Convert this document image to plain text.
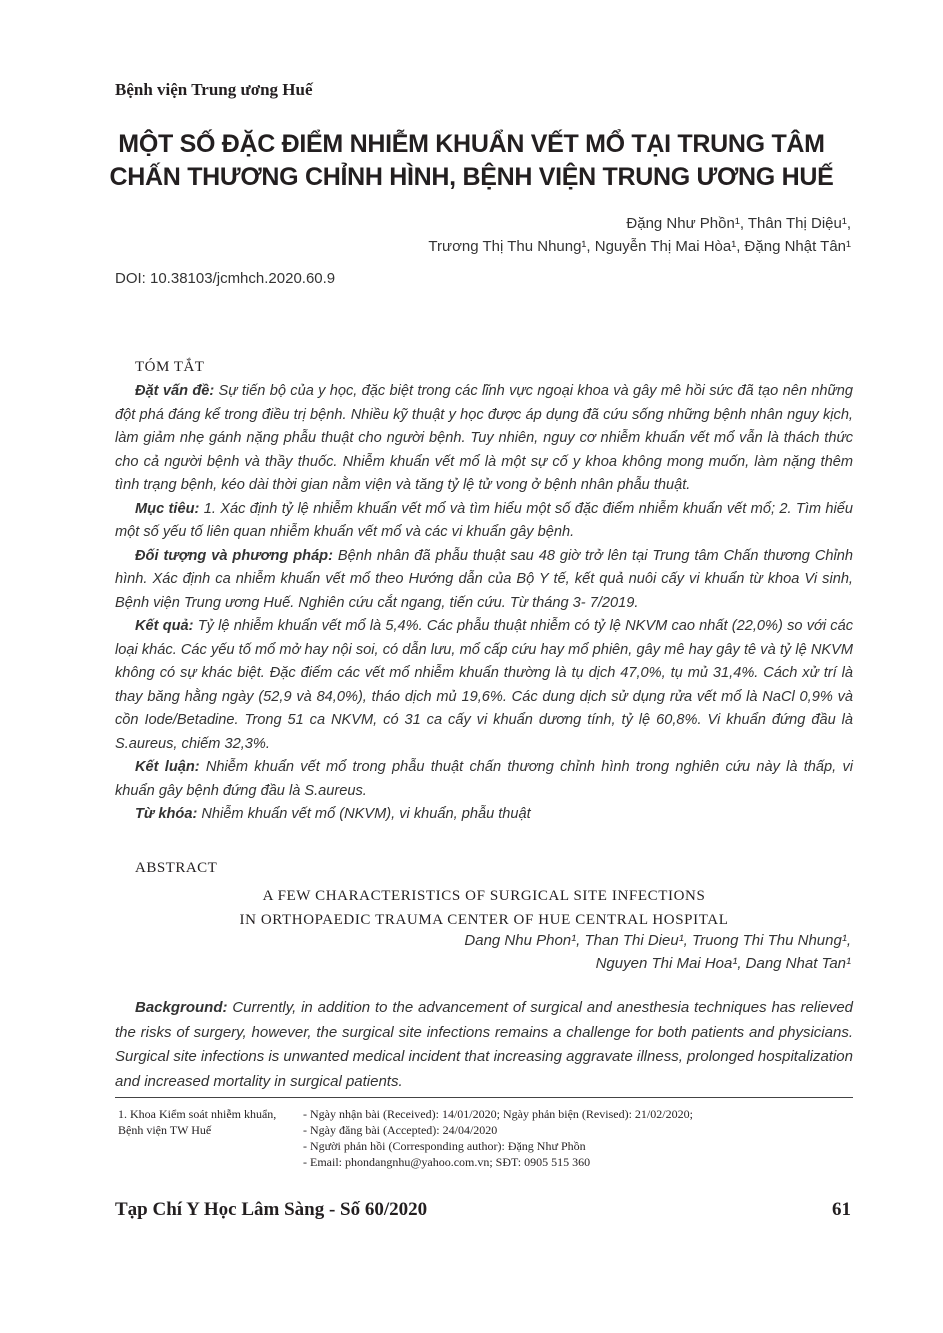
Bệnh viện Trung ương Huế
MỘT SỐ ĐẶC ĐIỂM NHIỄM KHUẨN VẾT MỔ TẠI TRUNG TÂM
CHẤN THƯƠNG CHỈNH HÌNH, BỆNH VIỆN TRUNG ƯƠNG HUẾ
Đặng Như Phồn¹, Thân Thị Diệu¹,
Trương Thị Thu Nhung¹, Nguyễn Thị Mai Hòa¹, Đặng Nhật Tân¹
DOI: 10.38103/jcmhch.2020.60.9
TÓM TẮT

Đặt vấn đề: Sự tiến bộ của y học, đặc biệt trong các lĩnh vực ngoại khoa và gây mê hồi sức đã tạo nên những đột phá đáng kể trong điều trị bệnh. Nhiều kỹ thuật y học được áp dụng đã cứu sống những bệnh nhân nguy kịch, làm giảm nhẹ gánh nặng phẫu thuật cho người bệnh. Tuy nhiên, nguy cơ nhiễm khuẩn vết mổ vẫn là thách thức cho cả người bệnh và thầy thuốc. Nhiễm khuẩn vết mổ là một sự cố y khoa không mong muốn, làm nặng thêm tình trạng bệnh, kéo dài thời gian nằm viện và tăng tỷ lệ tử vong ở bệnh nhân phẫu thuật.

Mục tiêu: 1. Xác định tỷ lệ nhiễm khuẩn vết mổ và tìm hiểu một số đặc điểm nhiễm khuẩn vết mổ; 2. Tìm hiểu một số yếu tố liên quan nhiễm khuẩn vết mổ và các vi khuẩn gây bệnh.

Đối tượng và phương pháp: Bệnh nhân đã phẫu thuật sau 48 giờ trở lên tại Trung tâm Chấn thương Chỉnh hình. Xác định ca nhiễm khuẩn vết mổ theo Hướng dẫn của Bộ Y tế, kết quả nuôi cấy vi khuẩn từ khoa Vi sinh, Bệnh viện Trung ương Huế. Nghiên cứu cắt ngang, tiến cứu. Từ tháng 3- 7/2019.

Kết quả: Tỷ lệ nhiễm khuẩn vết mổ là 5,4%. Các phẫu thuật nhiễm có tỷ lệ NKVM cao nhất (22,0%) so với các loại khác. Các yếu tố mổ mở hay nội soi, có dẫn lưu, mổ cấp cứu hay mổ phiên, gây mê hay gây tê và tỷ lệ NKVM không có sự khác biệt. Đặc điểm các vết mổ nhiễm khuẩn thường là tụ dịch 47,0%, tụ mủ 31,4%. Cách xử trí là thay băng hằng ngày (52,9 và 84,0%), tháo dịch mủ 19,6%. Các dung dịch sử dụng rửa vết mổ là NaCl 0,9% và cồn Iode/Betadine. Trong 51 ca NKVM, có 31 ca cấy vi khuẩn dương tính, tỷ lệ 60,8%. Vi khuẩn đứng đầu là S.aureus, chiếm 32,3%.

Kết luận: Nhiễm khuẩn vết mổ trong phẫu thuật chấn thương chỉnh hình trong nghiên cứu này là thấp, vi khuẩn gây bệnh đứng đầu là S.aureus.

Từ khóa: Nhiễm khuẩn vết mổ (NKVM), vi khuẩn, phẫu thuật

ABSTRACT
A FEW CHARACTERISTICS OF SURGICAL SITE INFECTIONS
IN ORTHOPAEDIC TRAUMA CENTER OF HUE CENTRAL HOSPITAL
Dang Nhu Phon¹, Than Thi Dieu¹, Truong Thi Thu Nhung¹,
Nguyen Thi Mai Hoa¹, Dang Nhat Tan¹

Background: Currently, in addition to the advancement of surgical and anesthesia techniques has relieved the risks of surgery, however, the surgical site infections remains a challenge for both patients and physicians. Surgical site infections is unwanted medical incident that increasing aggravate illness, prolonged hospitalization and increased mortality in surgical patients.

1. Khoa Kiểm soát nhiễm khuẩn, Bệnh viện TW Huế
- Ngày nhận bài (Received): 14/01/2020; Ngày phản biện (Revised): 21/02/2020;
- Ngày đăng bài (Accepted): 24/04/2020
- Người phản hồi (Corresponding author): Đặng Như Phồn
- Email: phondangnhu@yahoo.com.vn; SĐT: 0905 515 360
Tạp Chí Y Học Lâm Sàng - Số 60/2020	61
